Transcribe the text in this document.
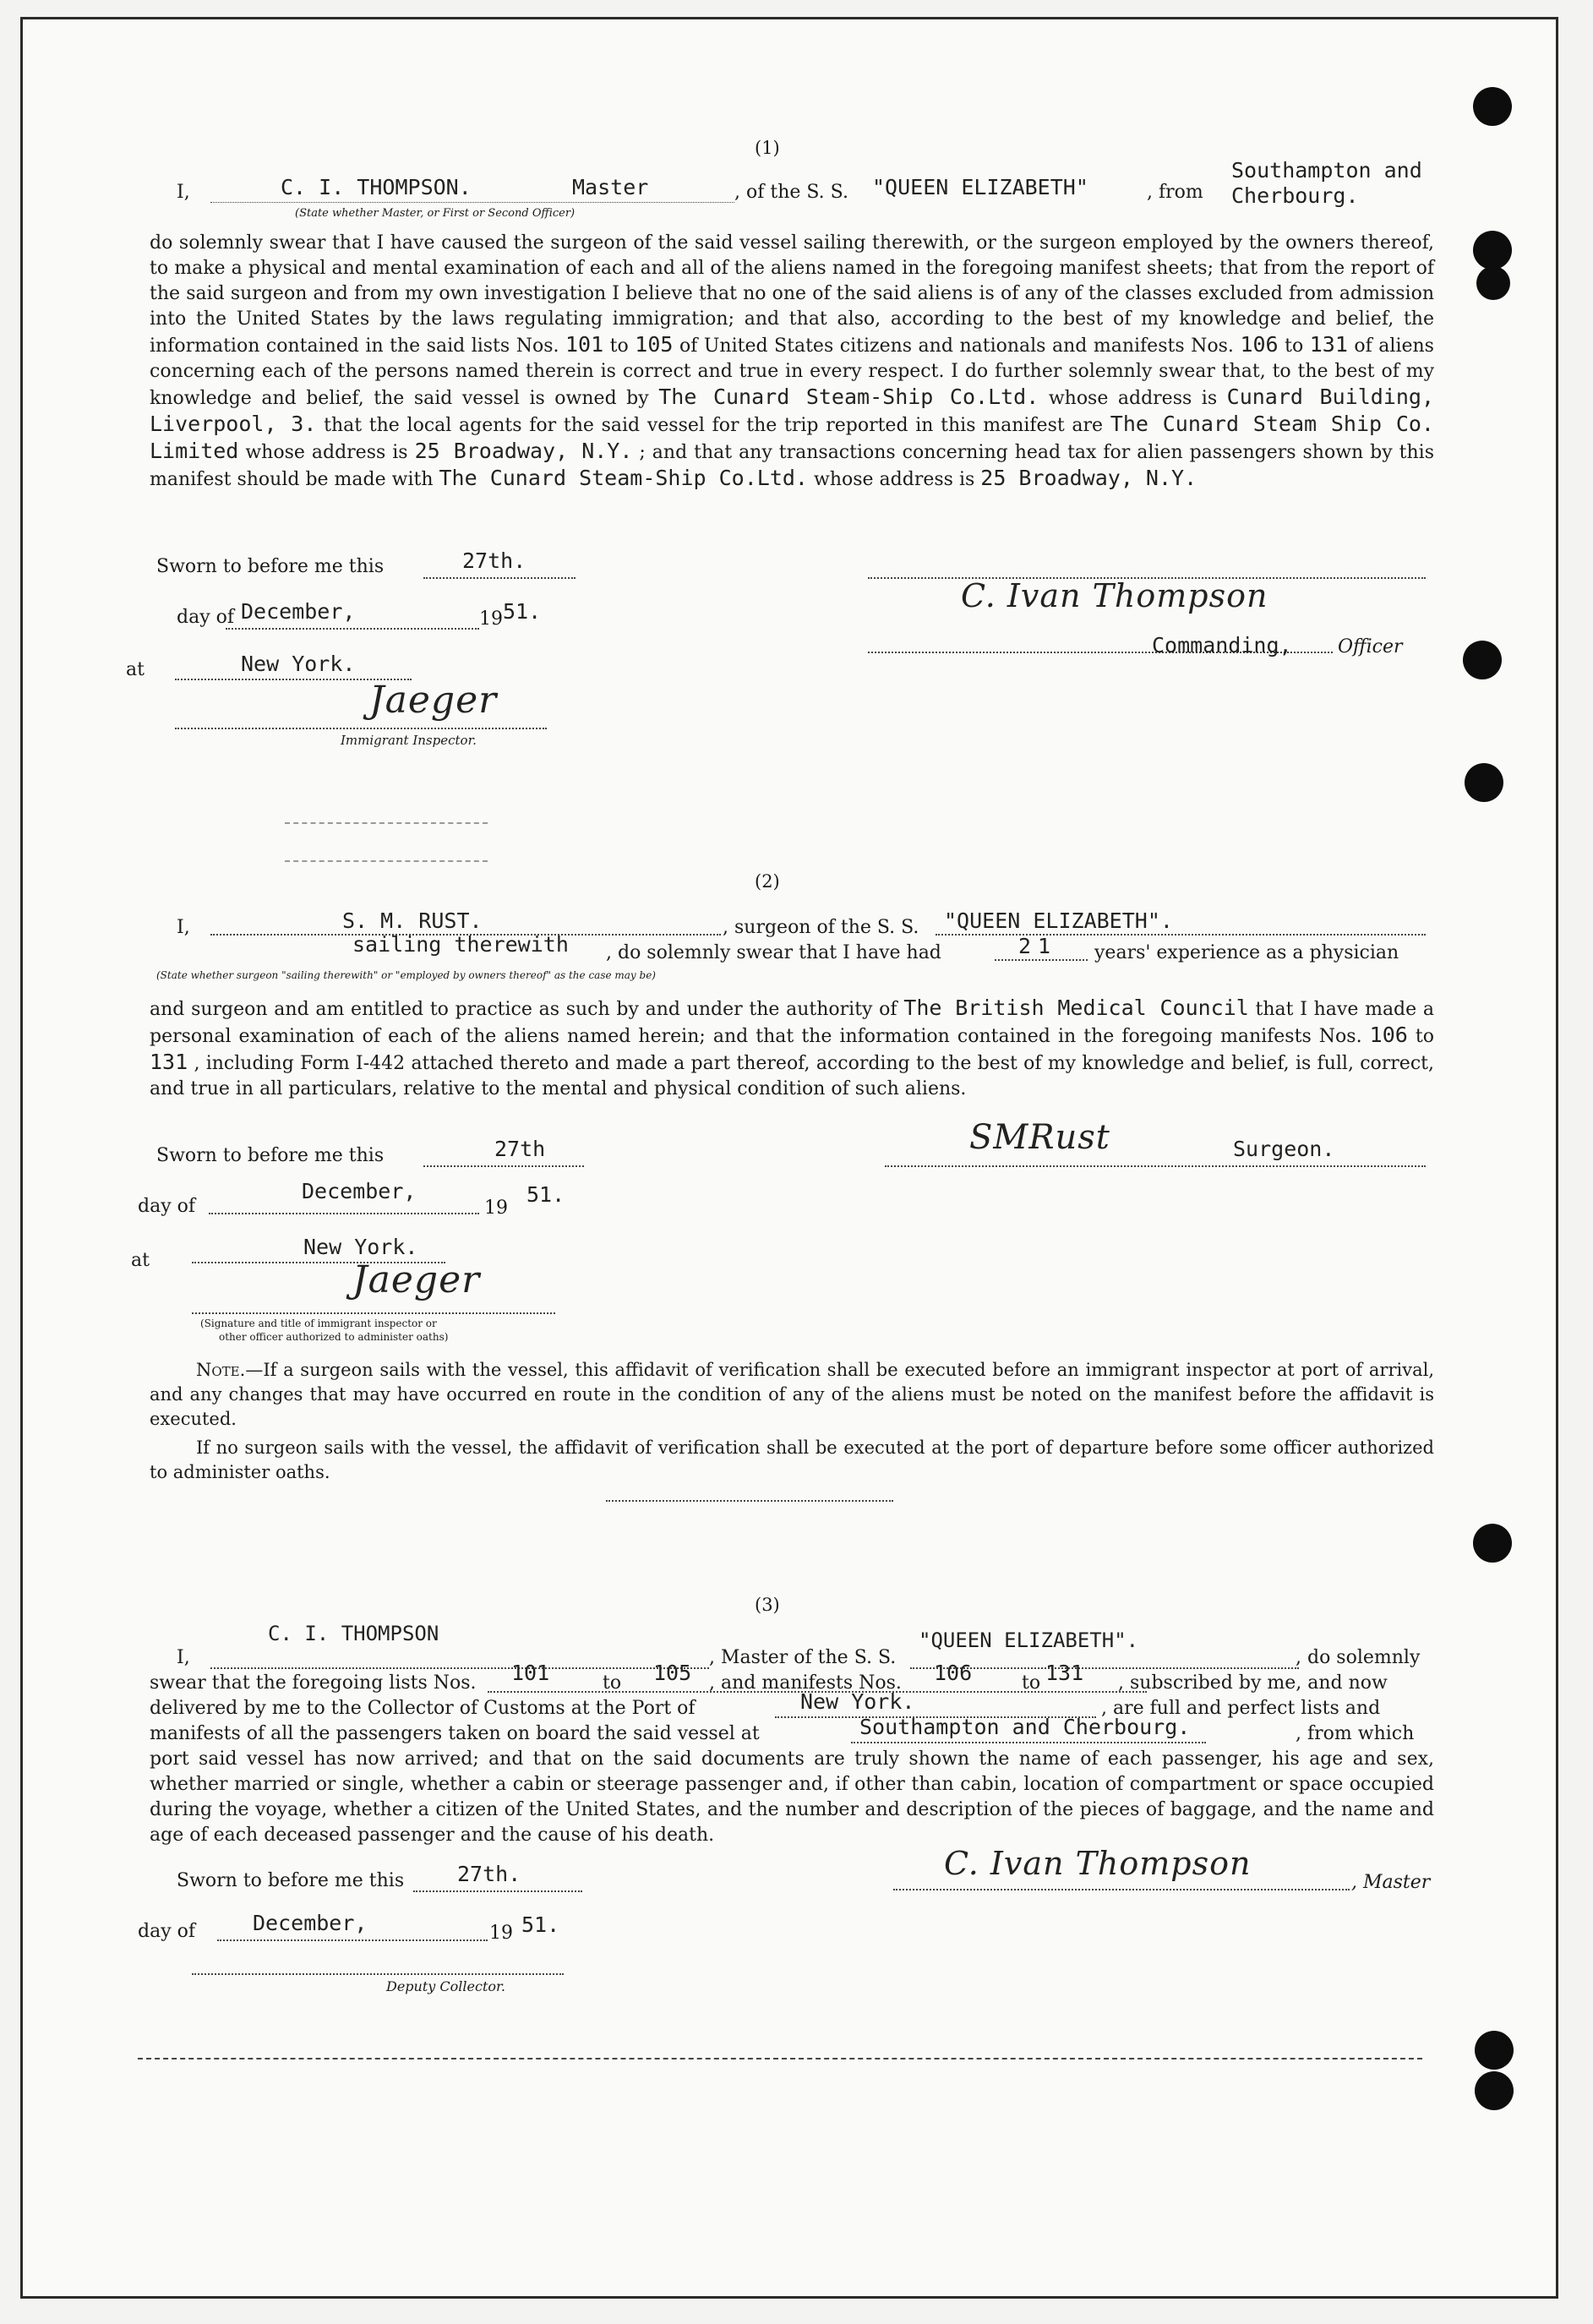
(1)
I,	C. I. THOMPSON.	Master
(State whether Master, or First or Second Officer)
, of the S. S. "QUEEN ELIZABETH"	, from
Southampton and
Cherbourg.
do solemnly swear that I have caused the surgeon of the said vessel sailing therewith, or the surgeon employed by the owners thereof, to make a physical and mental examination of each and all of the aliens named in the foregoing manifest sheets; that from the report of the said surgeon and from my own investigation I believe that no one of the said aliens is of any of the classes excluded from admission into the United States by the laws regulating immigration; and that also, according to the best of my knowledge and belief, the information contained in the said lists Nos. 101 to 105 of United States citizens and nationals and manifests Nos. 106 to 131 of aliens concerning each of the persons named therein is correct and true in every respect. I do further solemnly swear that, to the best of my knowledge and belief, the said vessel is owned by The Cunard Steam-Ship Co.Ltd. whose address is Cunard Building, Liverpool, 3. that the local agents for the said vessel for the trip reported in this manifest are The Cunard Steam Ship Co. Limited whose address is 25 Broadway, N.Y. ; and that any transactions concerning head tax for alien passengers shown by this manifest should be made with The Cunard Steam-Ship Co.Ltd. whose address is 25 Broadway, N.Y.
Sworn to before me this	27th.
day of December,	19 51.
at	New York.
C. Ivan Thompson
Commanding, Officer
Jaeger
Immigrant Inspector.
(2)
I,	S. M. RUST.	, surgeon of the S. S. "QUEEN ELIZABETH".
sailing therewith , do solemnly swear that I have had	21 years' experience as a physician
(State whether surgeon "sailing therewith" or "employed by owners thereof" as the case may be)
and surgeon and am entitled to practice as such by and under the authority of The British Medical Council that I have made a personal examination of each of the aliens named herein; and that the information contained in the foregoing manifests Nos. 106 to 131 , including Form I-442 attached thereto and made a part thereof, according to the best of my knowledge and belief, is full, correct, and true in all particulars, relative to the mental and physical condition of such aliens.
Sworn to before me this	27th
day of
December,
19
51.
at
New York.
SMRust	Surgeon.
Jaeger
(Signature and title of immigrant inspector or
other officer authorized to administer oaths)
Note.—If a surgeon sails with the vessel, this affidavit of verification shall be executed before an immigrant inspector at port of arrival, and any changes that may have occurred en route in the condition of any of the aliens must be noted on the manifest before the affidavit is executed.
If no surgeon sails with the vessel, the affidavit of verification shall be executed at the port of departure before some officer authorized to administer oaths.
(3)
I,
C. I. THOMPSON
, Master of the S. S.
"QUEEN ELIZABETH".
, do solemnly
swear that the foregoing lists Nos. 101	to 105 , and manifests Nos. 106	to 131 , subscribed by me, and now
delivered by me to the Collector of Customs at the Port of	New York.	, are full and perfect lists and
manifests of all the passengers taken on board the said vessel at	Southampton and Cherbourg.	, from which
port said vessel has now arrived; and that on the said documents are truly shown the name of each passenger, his age and sex, whether married or single, whether a cabin or steerage passenger and, if other than cabin, location of compartment or space occupied during the voyage, whether a citizen of the United States, and the number and description of the pieces of baggage, and the name and age of each deceased passenger and the cause of his death.
Sworn to before me this	27th.
day of	December,	19 51.
C. Ivan Thompson
, Master
Deputy Collector.
